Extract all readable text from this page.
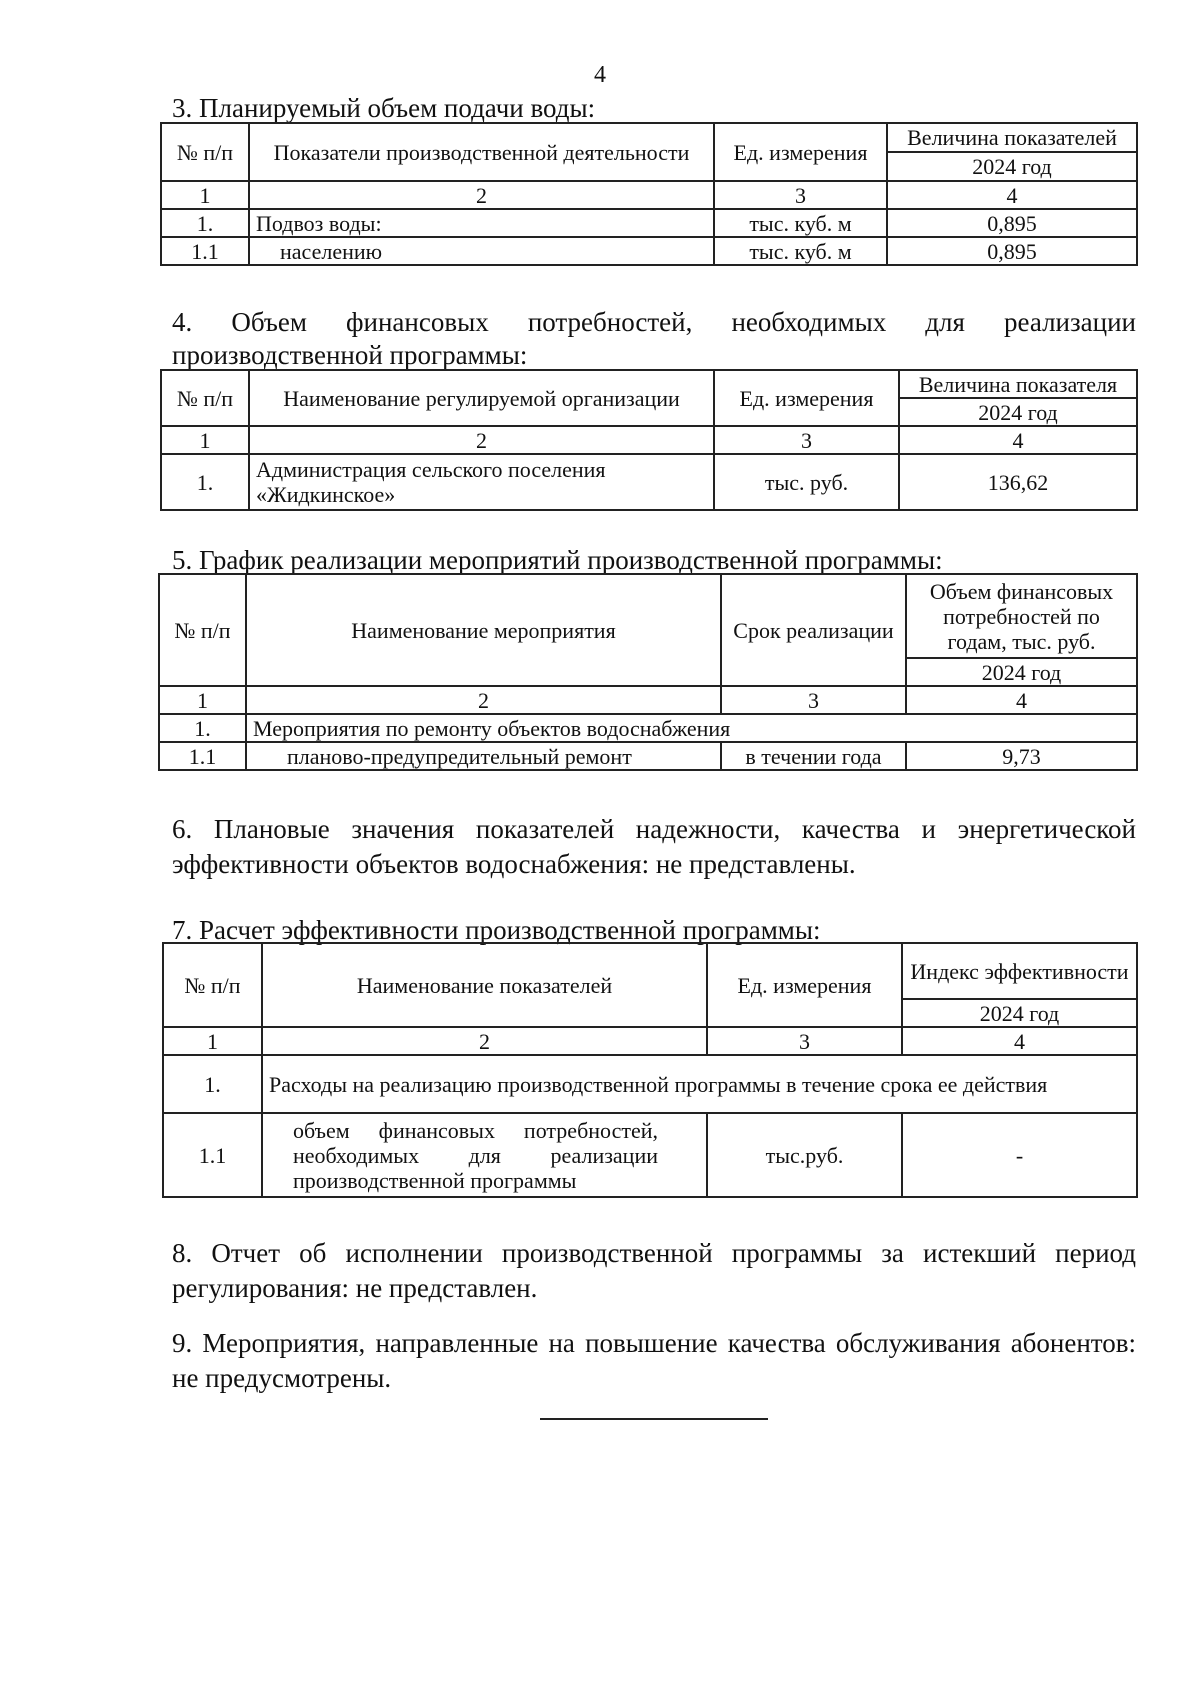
4

3. Планируемый объем подачи воды:

№ п/п	Показатели производственной деятельности	Ед. измерения	Величина показателей
			2024 год
1	2	3	4
1.	Подвоз воды:	тыс. куб. м	0,895
1.1	населению	тыс. куб. м	0,895

4. Объем финансовых потребностей, необходимых для реализации производственной программы:

№ п/п	Наименование регулируемой организации	Ед. измерения	Величина показателя
			2024 год
1	2	3	4
1.	Администрация сельского поселения «Жидкинское»	тыс. руб.	136,62

5. График реализации мероприятий производственной программы:

№ п/п	Наименование мероприятия	Срок реализации	Объем финансовых потребностей по годам, тыс. руб.
			2024 год
1	2	3	4
1.	Мероприятия по ремонту объектов водоснабжения		
1.1	планово-предупредительный ремонт	в течении года	9,73

6. Плановые значения показателей надежности, качества и энергетической эффективности объектов водоснабжения: не представлены.

7. Расчет эффективности производственной программы:

№ п/п	Наименование показателей	Ед. измерения	Индекс эффективности
			2024 год
1	2	3	4
1.	Расходы на реализацию производственной программы в течение срока ее действия		
1.1	объем финансовых потребностей, необходимых для реализации производственной программы	тыс.руб.	-

8. Отчет об исполнении производственной программы за истекший период регулирования: не представлен.

9. Мероприятия, направленные на повышение качества обслуживания абонентов: не предусмотрены.
